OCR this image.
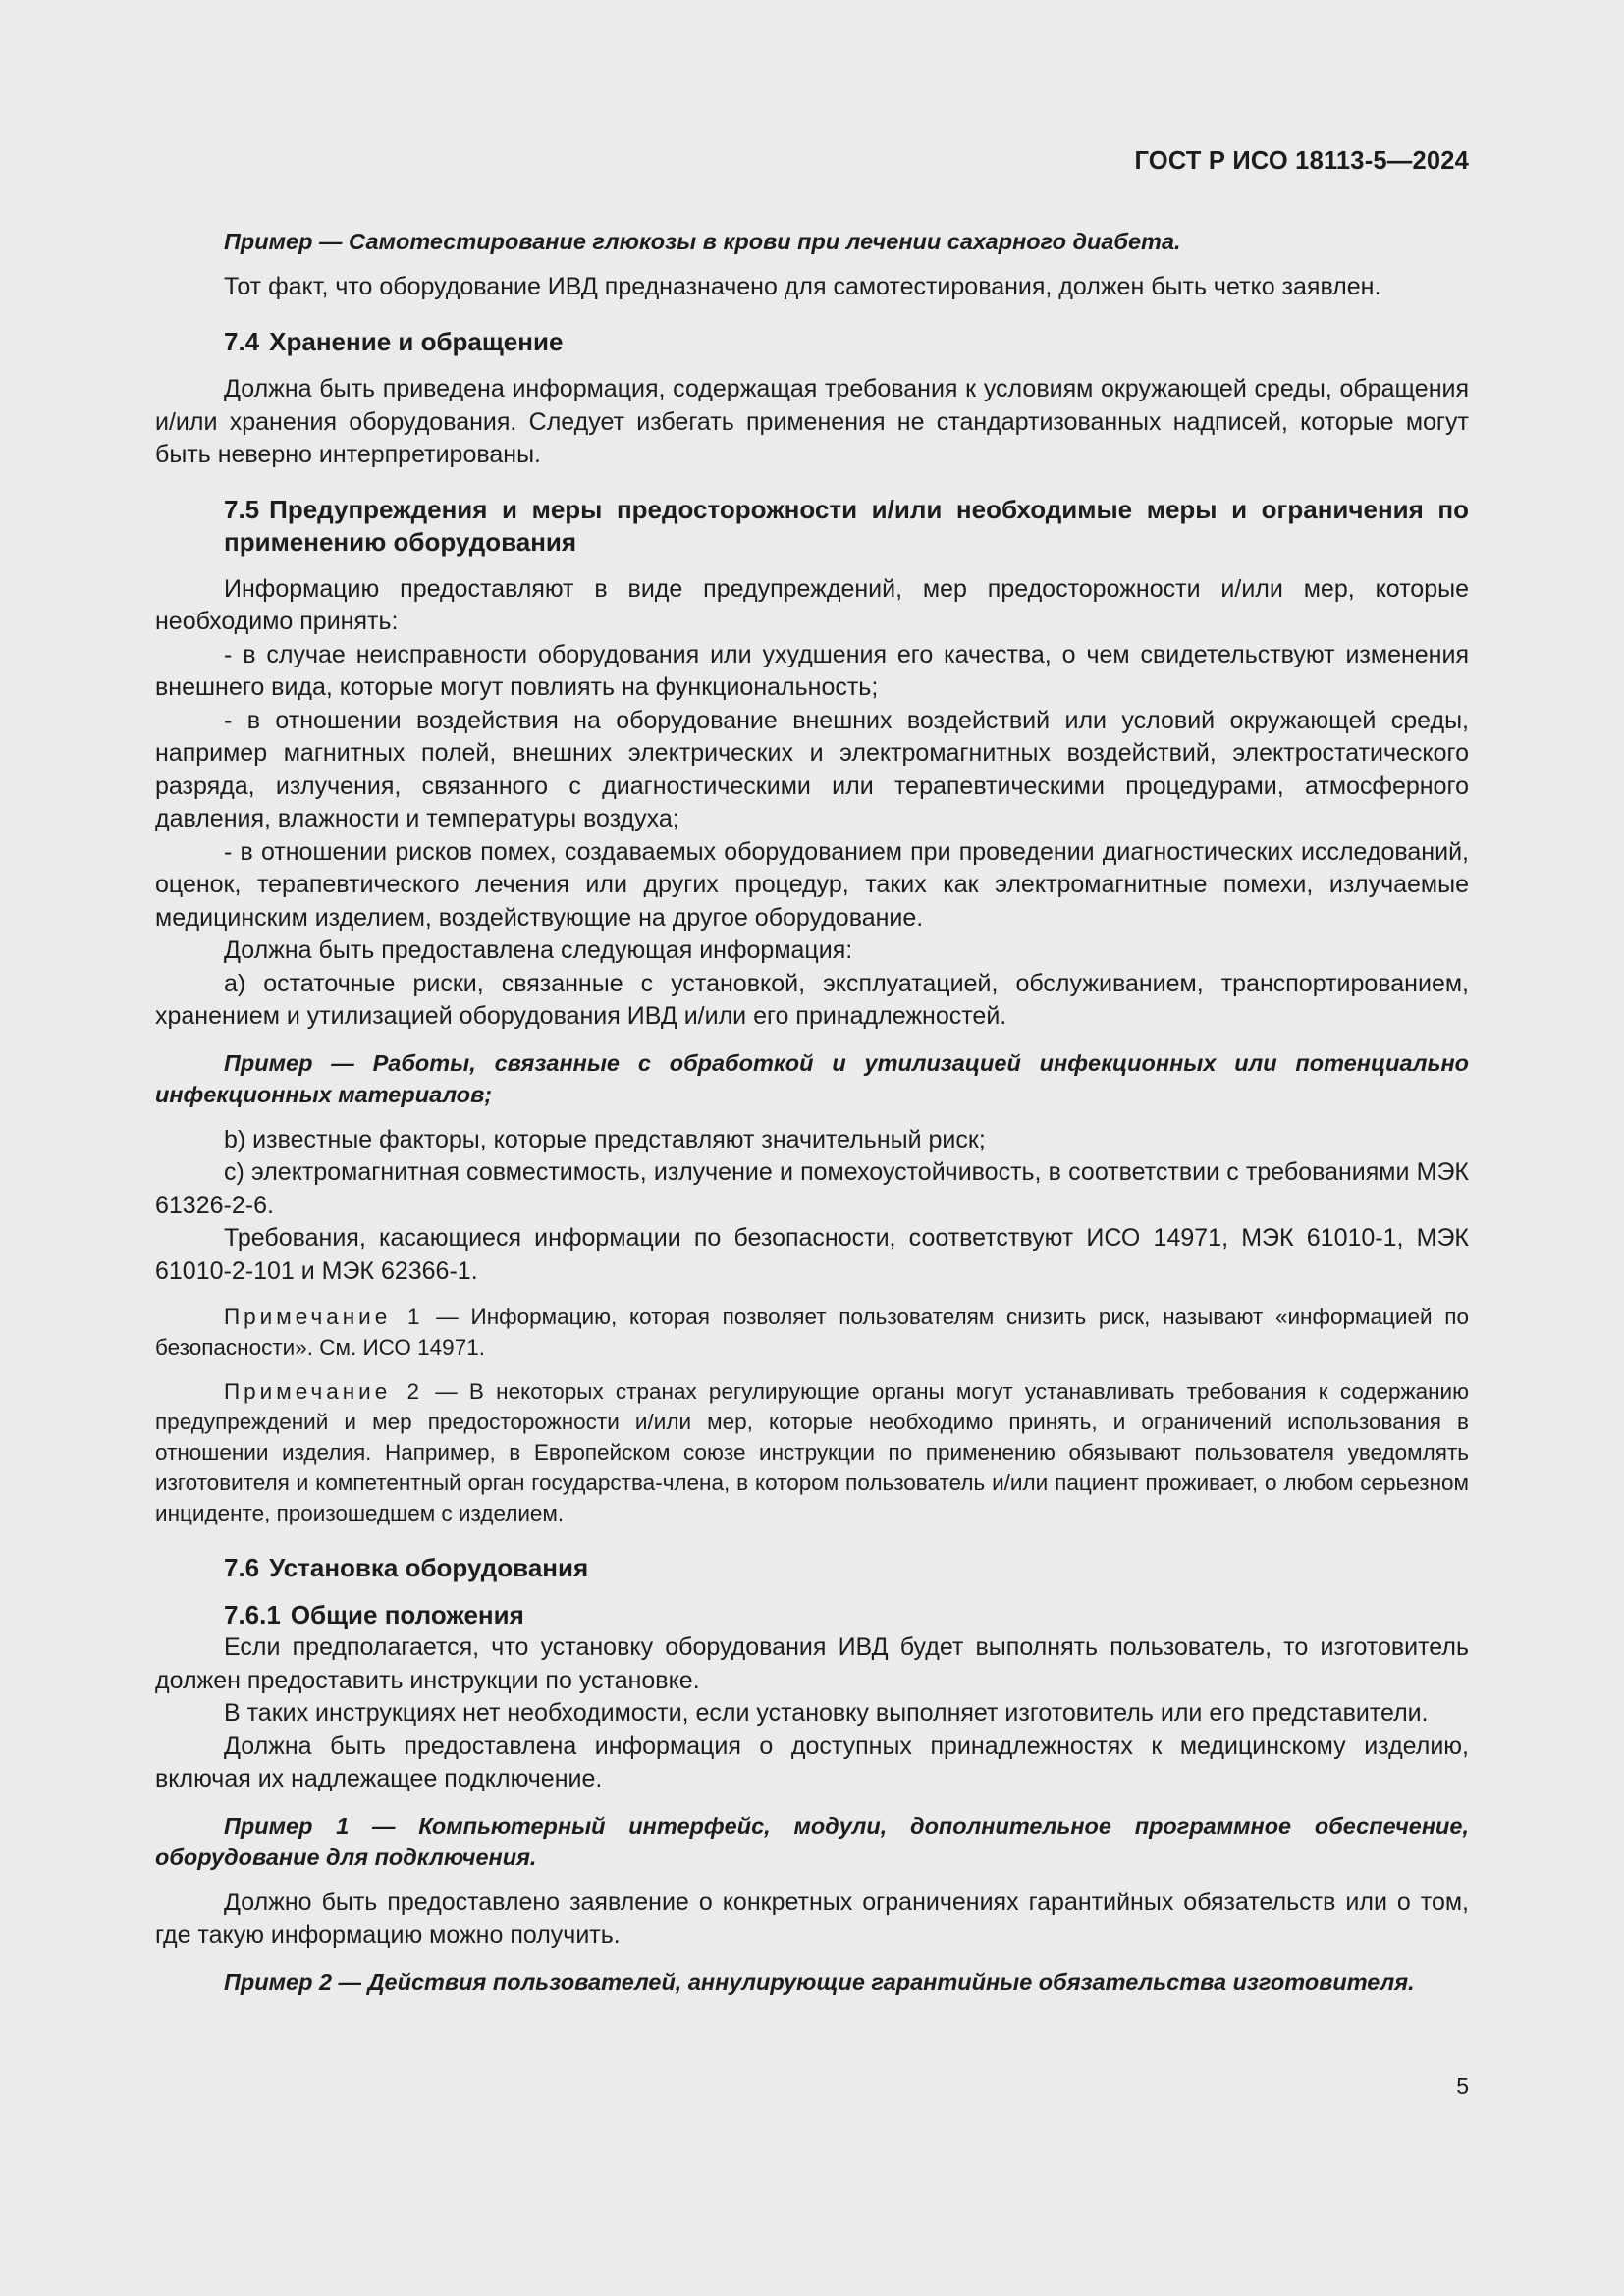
ГОСТ Р ИСО 18113-5—2024

Пример — Самотестирование глюкозы в крови при лечении сахарного диабета.

Тот факт, что оборудование ИВД предназначено для самотестирования, должен быть четко заявлен.

7.4 Хранение и обращение

Должна быть приведена информация, содержащая требования к условиям окружающей среды, обращения и/или хранения оборудования. Следует избегать применения не стандартизованных надписей, которые могут быть неверно интерпретированы.

7.5 Предупреждения и меры предосторожности и/или необходимые меры и ограничения по применению оборудования

Информацию предоставляют в виде предупреждений, мер предосторожности и/или мер, которые необходимо принять:

- в случае неисправности оборудования или ухудшения его качества, о чем свидетельствуют изменения внешнего вида, которые могут повлиять на функциональность;

- в отношении воздействия на оборудование внешних воздействий или условий окружающей среды, например магнитных полей, внешних электрических и электромагнитных воздействий, электростатического разряда, излучения, связанного с диагностическими или терапевтическими процедурами, атмосферного давления, влажности и температуры воздуха;

- в отношении рисков помех, создаваемых оборудованием при проведении диагностических исследований, оценок, терапевтического лечения или других процедур, таких как электромагнитные помехи, излучаемые медицинским изделием, воздействующие на другое оборудование.

Должна быть предоставлена следующая информация:

а) остаточные риски, связанные с установкой, эксплуатацией, обслуживанием, транспортированием, хранением и утилизацией оборудования ИВД и/или его принадлежностей.

Пример — Работы, связанные с обработкой и утилизацией инфекционных или потенциально инфекционных материалов;

b) известные факторы, которые представляют значительный риск;

с) электромагнитная совместимость, излучение и помехоустойчивость, в соответствии с требованиями МЭК 61326-2-6.

Требования, касающиеся информации по безопасности, соответствуют ИСО 14971, МЭК 61010-1, МЭК 61010-2-101 и МЭК 62366-1.

Примечание 1 — Информацию, которая позволяет пользователям снизить риск, называют «информацией по безопасности». См. ИСО 14971.

Примечание 2 — В некоторых странах регулирующие органы могут устанавливать требования к содержанию предупреждений и мер предосторожности и/или мер, которые необходимо принять, и ограничений использования в отношении изделия. Например, в Европейском союзе инструкции по применению обязывают пользователя уведомлять изготовителя и компетентный орган государства-члена, в котором пользователь и/или пациент проживает, о любом серьезном инциденте, произошедшем с изделием.

7.6 Установка оборудования
7.6.1 Общие положения

Если предполагается, что установку оборудования ИВД будет выполнять пользователь, то изготовитель должен предоставить инструкции по установке.

В таких инструкциях нет необходимости, если установку выполняет изготовитель или его представители.

Должна быть предоставлена информация о доступных принадлежностях к медицинскому изделию, включая их надлежащее подключение.

Пример 1 — Компьютерный интерфейс, модули, дополнительное программное обеспечение, оборудование для подключения.

Должно быть предоставлено заявление о конкретных ограничениях гарантийных обязательств или о том, где такую информацию можно получить.

Пример 2 — Действия пользователей, аннулирующие гарантийные обязательства изготовителя.

5
